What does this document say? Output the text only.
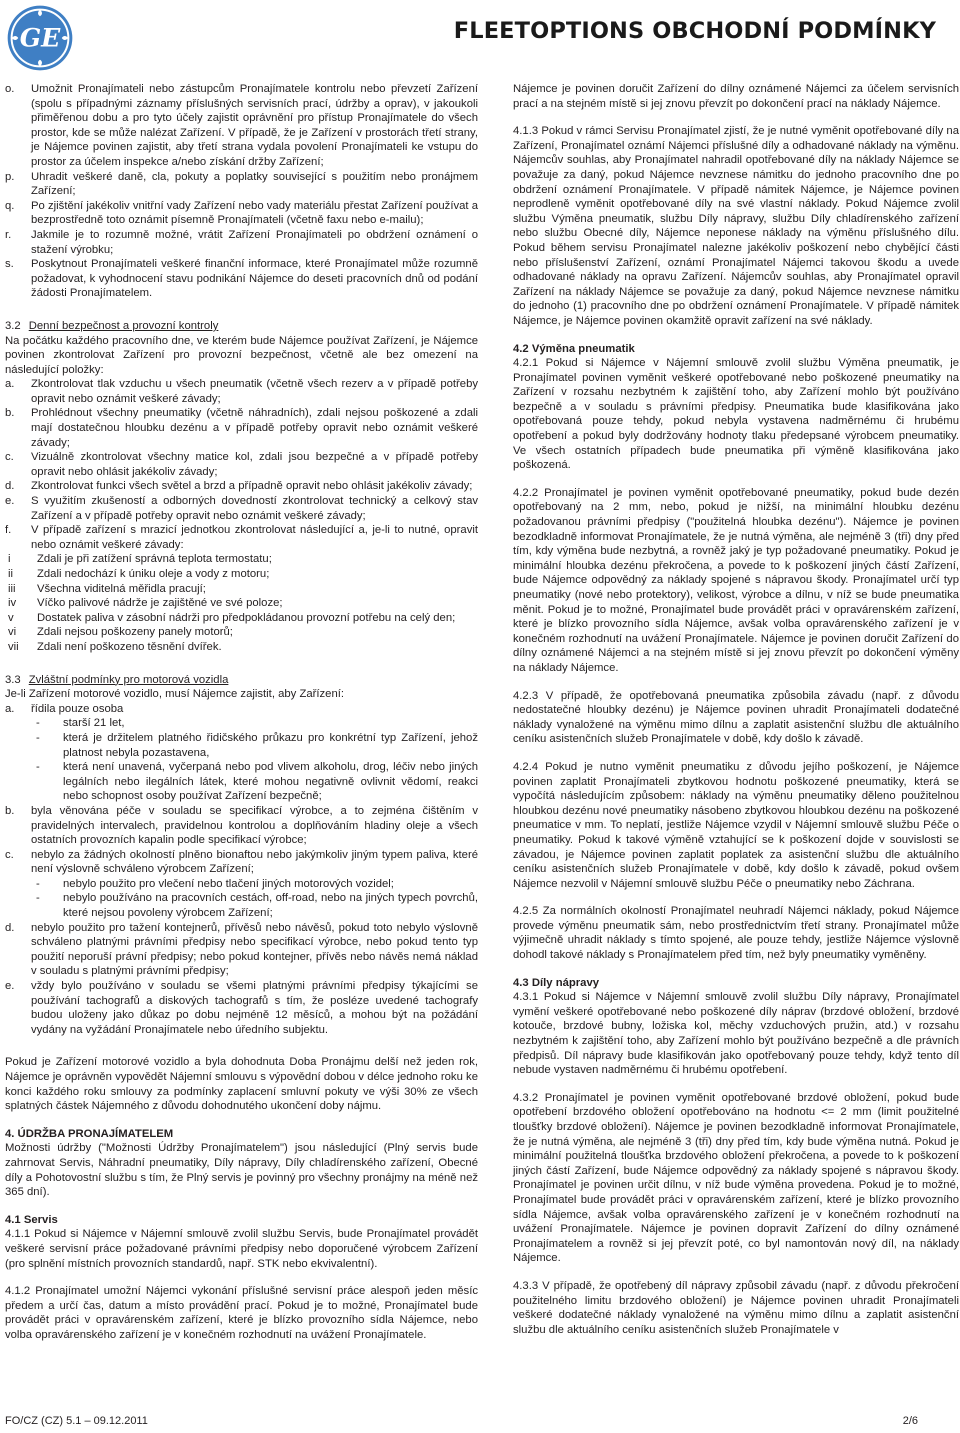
GE	FLEETOPTIONS OBCHODNÍ PODMÍNKY
o. Umožnit Pronajímateli nebo zástupcům Pronajímatele kontrolu nebo převzetí Zařízení (spolu s případnými záznamy příslušných servisních prací, údržby a oprav), v jakoukoli přiměřenou dobu a pro tyto účely zajistit oprávnění pro přístup Pronajímatele do všech prostor, kde se může nalézat Zařízení. V případě, že je Zařízení v prostorách třetí strany, je Nájemce povinen zajistit, aby třetí strana vydala povolení Pronajímateli ke vstupu do prostor za účelem inspekce a/nebo získání držby Zařízení;
p. Uhradit veškeré daně, cla, pokuty a poplatky související s použitím nebo pronájmem Zařízení;
q. Po zjištění jakékoliv vnitřní vady Zařízení nebo vady materiálu přestat Zařízení používat a bezprostředně toto oznámit písemně Pronajímateli (včetně faxu nebo e-mailu);
r. Jakmile je to rozumně možné, vrátit Zařízení Pronajímateli po obdržení oznámení o stažení výrobku;
s. Poskytnout Pronajímateli veškeré finanční informace, které Pronajímatel může rozumně požadovat, k vyhodnocení stavu podnikání Nájemce do deseti pracovních dnů od podání žádosti Pronajímatelem.
3.2 Denní bezpečnost a provozní kontroly
Na počátku každého pracovního dne, ve kterém bude Nájemce používat Zařízení, je Nájemce povinen zkontrolovat Zařízení pro provozní bezpečnost, včetně ale bez omezení na následující položky:
a. Zkontrolovat tlak vzduchu u všech pneumatik (včetně všech rezerv a v případě potřeby opravit nebo oznámit veškeré závady;
b. Prohlédnout všechny pneumatiky (včetně náhradních), zdali nejsou poškozené a zdali mají dostatečnou hloubku dezénu a v případě potřeby opravit nebo oznámit veškeré závady;
c. Vizuálně zkontrolovat všechny matice kol, zdali jsou bezpečné a v případě potřeby opravit nebo ohlásit jakékoliv závady;
d. Zkontrolovat funkci všech světel a brzd a případně opravit nebo ohlásit jakékoliv závady;
e. S využitím zkušeností a odborných dovedností zkontrolovat technický a celkový stav Zařízení a v případě potřeby opravit nebo oznámit veškeré závady;
f. V případě zařízení s mrazicí jednotkou zkontrolovat následující a, je-li to nutné, opravit nebo oznámit veškeré závady:
i	Zdali je při zatížení správná teplota termostatu;
ii	Zdali nedochází k úniku oleje a vody z motoru;
iii	Všechna viditelná měřidla pracují;
iv	Víčko palivové nádrže je zajištěné ve své poloze;
v	Dostatek paliva v zásobní nádrži pro předpokládanou provozní potřebu na celý den;
vi	Zdali nejsou poškozeny panely motorů;
vii	Zdali není poškozeno těsnění dvířek.
3.3 Zvláštní podmínky pro motorová vozidla
Je-li Zařízení motorové vozidlo, musí Nájemce zajistit, aby Zařízení:
a. řídila pouze osoba
- starší 21 let,
- která je držitelem platného řidičského průkazu pro konkrétní typ Zařízení, jehož platnost nebyla pozastavena,
- která není unavená, vyčerpaná nebo pod vlivem alkoholu, drog, léčiv nebo jiných legálních nebo ilegálních látek, které mohou negativně ovlivnit vědomí, reakci nebo schopnost osoby používat Zařízení bezpečně;
b. byla věnována péče v souladu se specifikací výrobce, a to zejména čištěním v pravidelných intervalech, pravidelnou kontrolou a doplňováním hladiny oleje a všech ostatních provozních kapalin podle specifikací výrobce;
c. nebylo za žádných okolností plněno bionaftou nebo jakýmkoliv jiným typem paliva, které není výslovně schváleno výrobcem Zařízení;
- nebylo použito pro vlečení nebo tlačení jiných motorových vozidel;
- nebylo používáno na pracovních cestách, off-road, nebo na jiných typech povrchů, které nejsou povoleny výrobcem Zařízení;
d. nebylo použito pro tažení kontejnerů, přívěsů nebo návěsů, pokud toto nebylo výslovně schváleno platnými právními předpisy nebo specifikací výrobce, nebo pokud tento typ použití neporuší právní předpisy; nebo pokud kontejner, přívěs nebo návěs nemá náklad v souladu s platnými právními předpisy;
e. vždy bylo používáno v souladu se všemi platnými právními předpisy týkajícími se používání tachografů a diskových tachografů s tím, že posléze uvedené tachografy budou uloženy jako důkaz po dobu nejméně 12 měsíců, a mohou být na požádání vydány na vyžádání Pronajímatele nebo úředního subjektu.
Pokud je Zařízení motorové vozidlo a byla dohodnuta Doba Pronájmu delší než jeden rok, Nájemce je oprávněn vypovědět Nájemní smlouvu s výpovědní dobou v délce jednoho roku ke konci každého roku smlouvy za podmínky zaplacení smluvní pokuty ve výši 30% ze všech splatných částek Nájemného z důvodu dohodnutého ukončení doby nájmu.
4. ÚDRŽBA PRONAJÍMATELEM
Možnosti údržby ("Možnosti Údržby Pronajímatelem") jsou následující (Plný servis bude zahrnovat Servis, Náhradní pneumatiky, Díly nápravy, Díly chladírenského zařízení, Obecné díly a Pohotovostní službu s tím, že Plný servis je povinný pro všechny pronájmy na méně než 365 dní).
4.1 Servis
4.1.1 Pokud si Nájemce v Nájemní smlouvě zvolil službu Servis, bude Pronajímatel provádět veškeré servisní práce požadované právními předpisy nebo doporučené výrobcem Zařízení (pro splnění místních provozních standardů, např. STK nebo ekvivalentní).
4.1.2 Pronajímatel umožní Nájemci vykonání příslušné servisní práce alespoň jeden měsíc předem a určí čas, datum a místo provádění prací. Pokud je to možné, Pronajímatel bude provádět práci v opravárenském zařízení, které je blízko provozního sídla Nájemce, nebo volba opravárenského zařízení je v konečném rozhodnutí na uvážení Pronajímatele.
Nájemce je povinen doručit Zařízení do dílny oznámené Nájemci za účelem servisních prací a na stejném místě si jej znovu převzít po dokončení prací na náklady Nájemce.
4.1.3 Pokud v rámci Servisu Pronajímatel zjistí, že je nutné vyměnit opotřebované díly na Zařízení, Pronajímatel oznámí Nájemci příslušné díly a odhadované náklady na výměnu. Nájemcův souhlas, aby Pronajímatel nahradil opotřebované díly na náklady Nájemce se považuje za daný, pokud Nájemce nevznese námitku do jednoho pracovního dne po obdržení oznámení Pronajímatele. V případě námitek Nájemce, je Nájemce povinen neprodleně vyměnit opotřebované díly na své vlastní náklady. Pokud Nájemce zvolil službu Výměna pneumatik, službu Díly nápravy, službu Díly chladírenského zařízení nebo službu Obecné díly, Nájemce neponese náklady na výměnu příslušného dílu. Pokud během servisu Pronajímatel nalezne jakékoliv poškození nebo chybějící části nebo příslušenství Zařízení, oznámí Pronajímatel Nájemci takovou škodu a uvede odhadované náklady na opravu Zařízení. Nájemcův souhlas, aby Pronajímatel opravil Zařízení na náklady Nájemce se považuje za daný, pokud Nájemce nevznese námitku do jednoho (1) pracovního dne po obdržení oznámení Pronajímatele. V případě námitek Nájemce, je Nájemce povinen okamžitě opravit zařízení na své náklady.
4.2 Výměna pneumatik
4.2.1 Pokud si Nájemce v Nájemní smlouvě zvolil službu Výměna pneumatik, je Pronajímatel povinen vyměnit veškeré opotřebované nebo poškozené pneumatiky na Zařízení v rozsahu nezbytném k zajištění toho, aby Zařízení mohlo být používáno bezpečně a v souladu s právními předpisy. Pneumatika bude klasifikována jako opotřebovaná pouze tehdy, pokud nebyla vystavena nadměrnému či hrubému opotřebení a pokud byly dodržovány hodnoty tlaku předepsané výrobcem pneumatiky. Ve všech ostatních případech bude pneumatika při výměně klasifikována jako poškozená.
4.2.2 Pronajímatel je povinen vyměnit opotřebované pneumatiky, pokud bude dezén opotřebovaný na 2 mm, nebo, pokud je nižší, na minimální hloubku dezénu požadovanou právními předpisy ("použitelná hloubka dezénu"). Nájemce je povinen bezodkladně informovat Pronajímatele, že je nutná výměna, ale nejméně 3 (tři) dny před tím, kdy výměna bude nezbytná, a rovněž jaký je typ požadované pneumatiky. Pokud je minimální hloubka dezénu překročena, a povede to k poškození jiných částí Zařízení, bude Nájemce odpovědný za náklady spojené s nápravou škody. Pronajímatel určí typ pneumatiky (nové nebo protektory), velikost, výrobce a dílnu, v níž se bude pneumatika měnit. Pokud je to možné, Pronajímatel bude provádět práci v opravárenském zařízení, které je blízko provozního sídla Nájemce, avšak volba opravárenského zařízení je v konečném rozhodnutí na uvážení Pronajímatele. Nájemce je povinen doručit Zařízení do dílny oznámené Nájemci a na stejném místě si jej znovu převzít po dokončení výměny na náklady Nájemce.
4.2.3 V případě, že opotřebovaná pneumatika způsobila závadu (např. z důvodu nedostatečné hloubky dezénu) je Nájemce povinen uhradit Pronajímateli dodatečné náklady vynaložené na výměnu mimo dílnu a zaplatit asistenční službu dle aktuálního ceníku asistenčních služeb Pronajímatele v době, kdy došlo k závadě.
4.2.4 Pokud je nutno vyměnit pneumatiku z důvodu jejího poškození, je Nájemce povinen zaplatit Pronajímateli zbytkovou hodnotu poškozené pneumatiky, která se vypočítá následujícím způsobem: náklady na výměnu pneumatiky děleno použitelnou hloubkou dezénu nové pneumatiky násobeno zbytkovou hloubkou dezénu na poškozené pneumatice v mm. To neplatí, jestliže Nájemce vzydil v Nájemní smlouvě službu Péče o pneumatiky. Pokud k takové výměně vztahující se k poškození dojde v souvislosti se závadou, je Nájemce povinen zaplatit poplatek za asistenční službu dle aktuálního ceníku asistenčních služeb Pronajímatele v době, kdy došlo k závadě, pokud ovšem Nájemce nezvolil v Nájemní smlouvě službu Péče o pneumatiky nebo Záchrana.
4.2.5 Za normálních okolností Pronajímatel neuhradí Nájemci náklady, pokud Nájemce provede výměnu pneumatik sám, nebo prostřednictvím třetí strany. Pronajímatel může výjimečně uhradit náklady s tímto spojené, ale pouze tehdy, jestliže Nájemce výslovně dohodl takové náklady s Pronajímatelem před tím, než byly pneumatiky vyměněny.
4.3 Díly nápravy
4.3.1 Pokud si Nájemce v Nájemní smlouvě zvolil službu Díly nápravy, Pronajímatel vymění veškeré opotřebované nebo poškozené díly náprav (brzdové obložení, brzdové kotouče, brzdové bubny, ložiska kol, měchy vzduchových pružin, atd.) v rozsahu nezbytném k zajištění toho, aby Zařízení mohlo být používáno bezpečně a dle právních předpisů. Díl nápravy bude klasifikován jako opotřebovaný pouze tehdy, když tento díl nebude vystaven nadměrnému či hrubému opotřebení.
4.3.2 Pronajímatel je povinen vyměnit opotřebované brzdové obložení, pokud bude opotřebení brzdového obložení opotřebováno na hodnotu <= 2 mm (limit použitelné tloušťky brzdové obložení). Nájemce je povinen bezodkladně informovat Pronajímatele, že je nutná výměna, ale nejméně 3 (tři) dny před tím, kdy bude výměna nutná. Pokud je minimální použitelná tloušťka brzdového obložení překročena, a povede to k poškození jiných částí Zařízení, bude Nájemce odpovědný za náklady spojené s nápravou škody. Pronajímatel je povinen určit dílnu, v níž bude výměna provedena. Pokud je to možné, Pronajímatel bude provádět práci v opravárenském zařízení, které je blízko provozního sídla Nájemce, avšak volba opravárenského zařízení je v konečném rozhodnutí na uvážení Pronajímatele. Nájemce je povinen dopravit Zařízení do dílny oznámené Pronajímatelem a rovněž si jej převzít poté, co byl namontován nový díl, na náklady Nájemce.
4.3.3 V případě, že opotřebený díl nápravy způsobil závadu (např. z důvodu překročení použitelného limitu brzdového obložení) je Nájemce povinen uhradit Pronajímateli veškeré dodatečné náklady vynaložené na výměnu mimo dílnu a zaplatit asistenční službu dle aktuálního ceníku asistenčních služeb Pronajímatele v
FO/CZ (CZ) 5.1 – 09.12.2011	2/6
